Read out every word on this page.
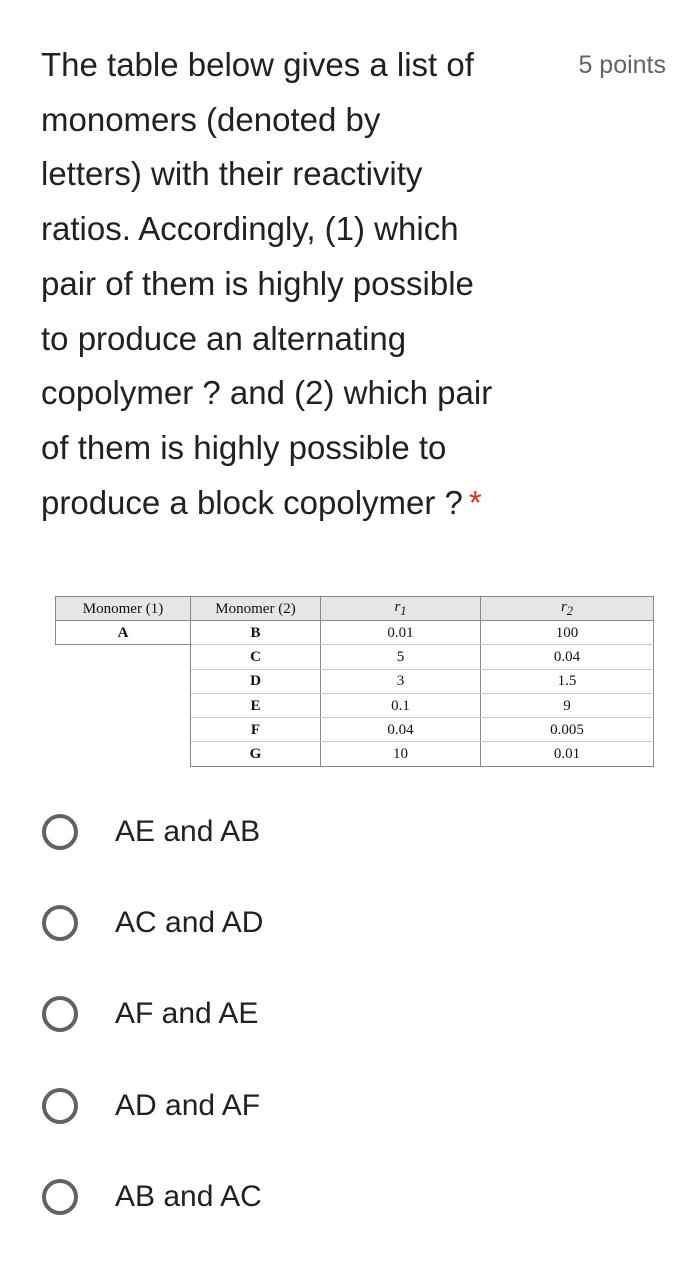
The table below gives a list of
monomers (denoted by
letters) with their reactivity
ratios. Accordingly, (1) which
pair of them is highly possible
to produce an alternating
copolymer ? and (2) which pair
of them is highly possible to
produce a block copolymer ? *
5 points
Monomer (1)	Monomer (2)	$r_1$	$r_2$
A	B	0.01	100
	C	5	0.04
	D	3	1.5
	E	0.1	9
	F	0.04	0.005
	G	10	0.01
AE and AB
AC and AD
AF and AE
AD and AF
AB and AC
